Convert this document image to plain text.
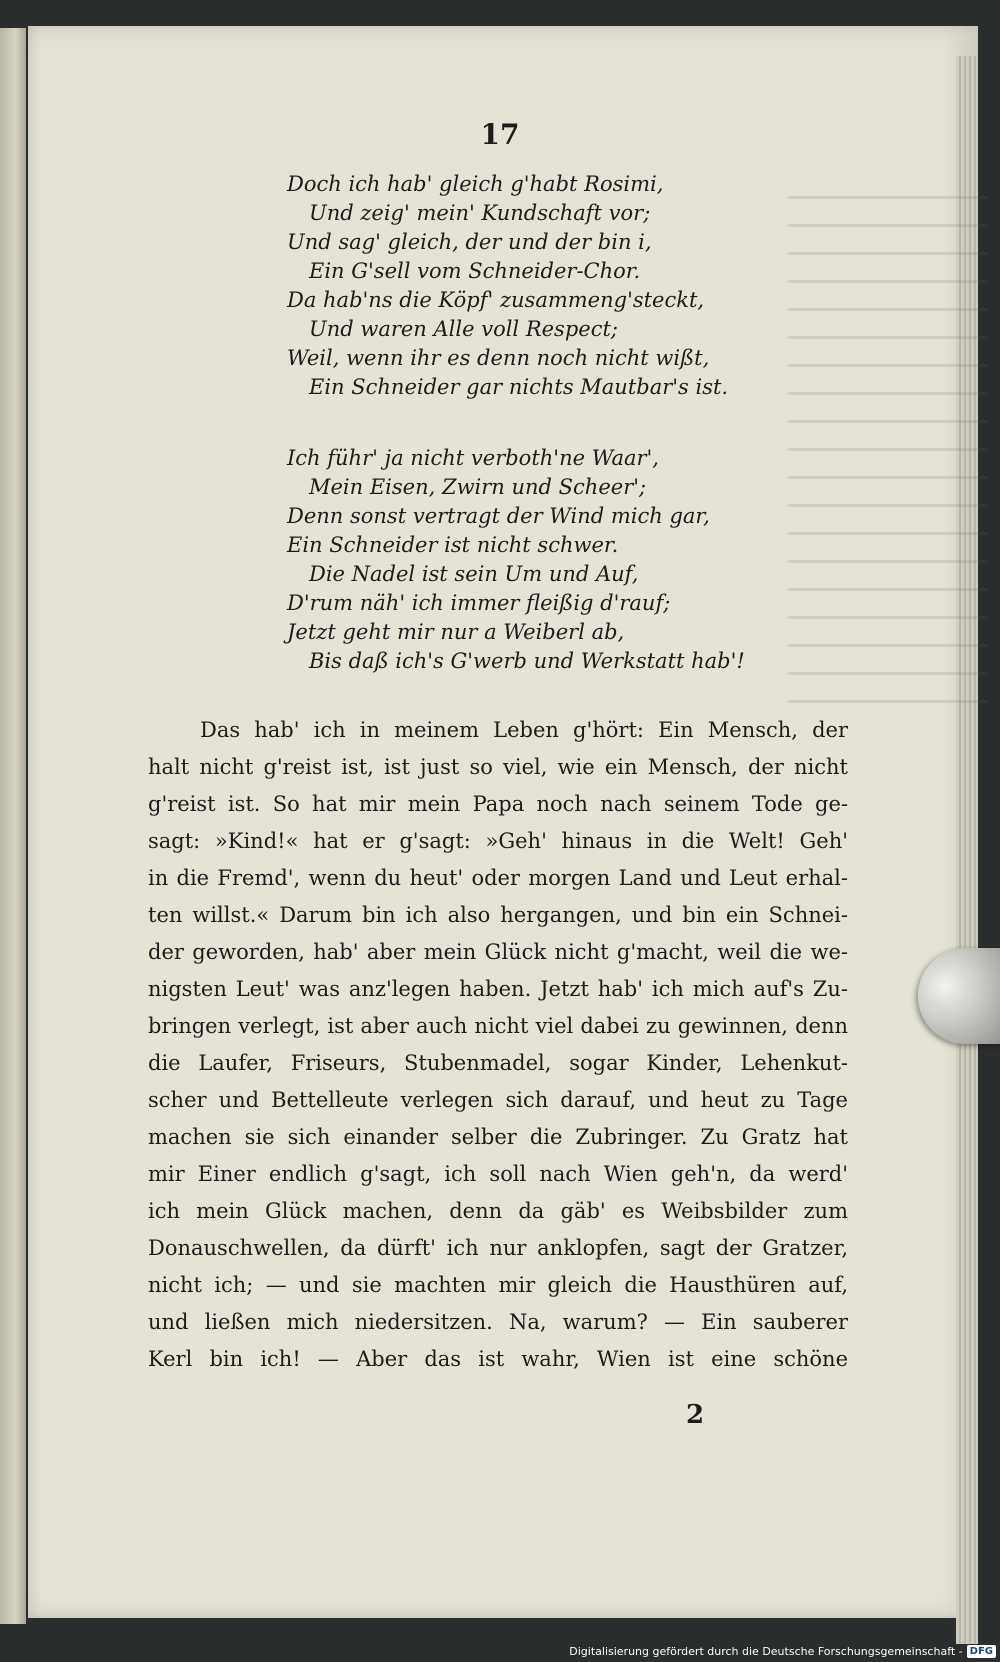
17
Doch ich hab' gleich g'habt Rosimi,
Und zeig' mein' Kundschaft vor;
Und sag' gleich, der und der bin i,
Ein G'sell vom Schneider-Chor.
Da hab'ns die Köpf' zusammeng'steckt,
Und waren Alle voll Respect;
Weil, wenn ihr es denn noch nicht wißt,
Ein Schneider gar nichts Mautbar's ist.
Ich führ' ja nicht verboth'ne Waar',
Mein Eisen, Zwirn und Scheer';
Denn sonst vertragt der Wind mich gar,
Ein Schneider ist nicht schwer.
Die Nadel ist sein Um und Auf,
D'rum näh' ich immer fleißig d'rauf;
Jetzt geht mir nur a Weiberl ab,
Bis daß ich's G'werb und Werkstatt hab'!
Das hab' ich in meinem Leben g'hört: Ein Mensch, der
halt nicht g'reist ist, ist just so viel, wie ein Mensch, der nicht
g'reist ist. So hat mir mein Papa noch nach seinem Tode ge-
sagt: »Kind!« hat er g'sagt: »Geh' hinaus in die Welt! Geh'
in die Fremd', wenn du heut' oder morgen Land und Leut erhal-
ten willst.« Darum bin ich also hergangen, und bin ein Schnei-
der geworden, hab' aber mein Glück nicht g'macht, weil die we-
nigsten Leut' was anz'legen haben. Jetzt hab' ich mich auf's Zu-
bringen verlegt, ist aber auch nicht viel dabei zu gewinnen, denn
die Laufer, Friseurs, Stubenmadel, sogar Kinder, Lehenkut-
scher und Bettelleute verlegen sich darauf, und heut zu Tage
machen sie sich einander selber die Zubringer. Zu Gratz hat
mir Einer endlich g'sagt, ich soll nach Wien geh'n, da werd'
ich mein Glück machen, denn da gäb' es Weibsbilder zum
Donauschwellen, da dürft' ich nur anklopfen, sagt der Gratzer,
nicht ich; — und sie machten mir gleich die Hausthüren auf,
und ließen mich niedersitzen. Na, warum? — Ein sauberer
Kerl bin ich! — Aber das ist wahr, Wien ist eine schöne
2
Digitalisierung gefördert durch die Deutsche Forschungsgemeinschaft - DFG
